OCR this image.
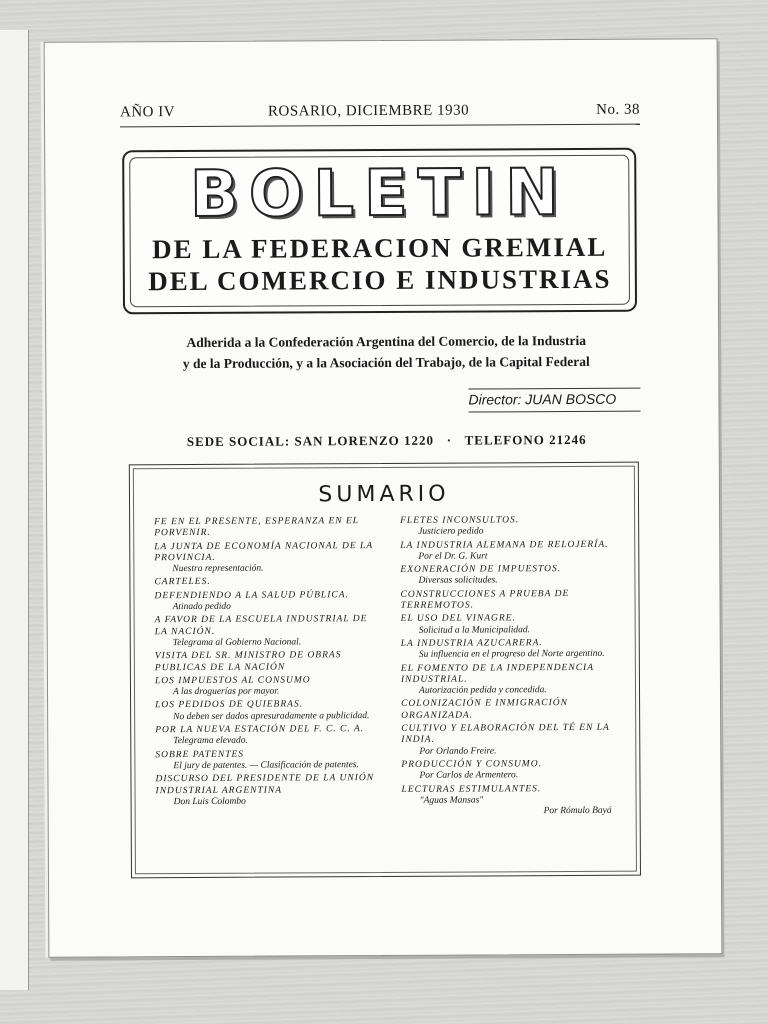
AÑO IV	ROSARIO, DICIEMBRE 1930	No. 38
BOLETIN
DE LA FEDERACION GREMIAL
DEL COMERCIO E INDUSTRIAS
Adherida a la Confederación Argentina del Comercio, de la Industria
y de la Producción, y a la Asociación del Trabajo, de la Capital Federal
Director: JUAN BOSCO
SEDE SOCIAL: SAN LORENZO 1220   ·   TELEFONO 21246
SUMARIO
FE EN EL PRESENTE, ESPERANZA EN EL PORVENIR.
LA JUNTA DE ECONOMÍA NACIONAL DE LA PROVINCIA.
Nuestra representación.
CARTELES.
DEFENDIENDO A LA SALUD PÚBLICA.
Atinado pedido
A FAVOR DE LA ESCUELA INDUSTRIAL DE LA NACIÓN.
Telegrama al Gobierno Nacional.
VISITA DEL SR. MINISTRO DE OBRAS PUBLICAS DE LA NACIÓN
LOS IMPUESTOS AL CONSUMO
A las droguerías por mayor.
LOS PEDIDOS DE QUIEBRAS.
No deben ser dados apresuradamente a publicidad.
POR LA NUEVA ESTACIÓN DEL F. C. C. A.
Telegrama elevado.
SOBRE PATENTES
El jury de patentes. — Clasificación de patentes.
DISCURSO DEL PRESIDENTE DE LA UNIÓN INDUSTRIAL ARGENTINA
Don Luis Colombo
FLETES INCONSULTOS.
Justiciero pedido
LA INDUSTRIA ALEMANA DE RELOJERÍA.
Por el Dr. G. Kurt
EXONERACIÓN DE IMPUESTOS.
Diversas solicitudes.
CONSTRUCCIONES A PRUEBA DE TERREMOTOS.
EL USO DEL VINAGRE.
Solicitud a la Municipalidad.
LA INDUSTRIA AZUCARERA.
Su influencia en el progreso del Norte argentino.
EL FOMENTO DE LA INDEPENDENCIA INDUSTRIAL.
Autorización pedida y concedida.
COLONIZACIÓN E INMIGRACIÓN ORGANIZADA.
CULTIVO Y ELABORACIÓN DEL TÉ EN LA INDIA.
Por Orlando Freire.
PRODUCCIÓN Y CONSUMO.
Por Carlos de Armentero.
LECTURAS ESTIMULANTES.
"Aguas Mansas"
Por Rómulo Bayá
